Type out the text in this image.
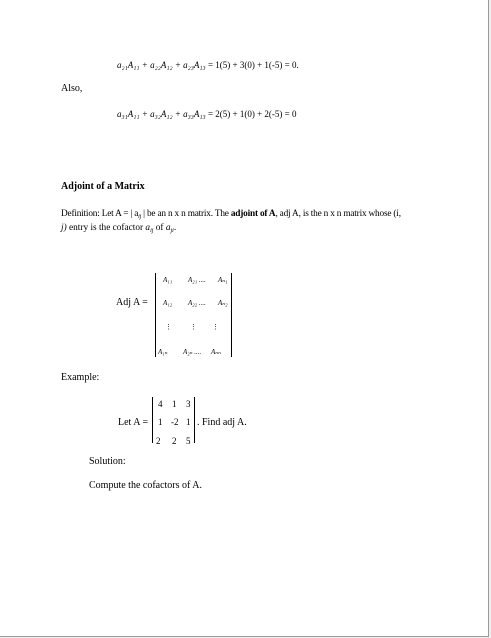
a₂₁A₁₁ + a₂₂A₁₂ + a₂₃A₁₃ = 1(5) + 3(0) + 1(-5) = 0.
Also,
a₃₁A₁₁ + a₃₂A₁₂ + a₃₃A₁₃ = 2(5) + 1(0) + 2(-5) = 0
Adjoint of a Matrix
Definition: Let A = | $a_{ij}$ | be an n x n matrix. The adjoint of A, adj A, is the n x n matrix whose (i,
j) entry is the cofactor $a_{ij}$ of $a_{ji}$.
Adj A =
A₁₁ A₂₁ .... Aₙ₁
A₁₂ A₂₂ .... Aₙ₂
⋮	⋮ ⋮
A₁ₙ A₂ₙ .... Aₙₙ
Example:
Let A =
4 1 3
1 -2 1
2 2 5
. Find adj A.
Solution:
Compute the cofactors of A.
